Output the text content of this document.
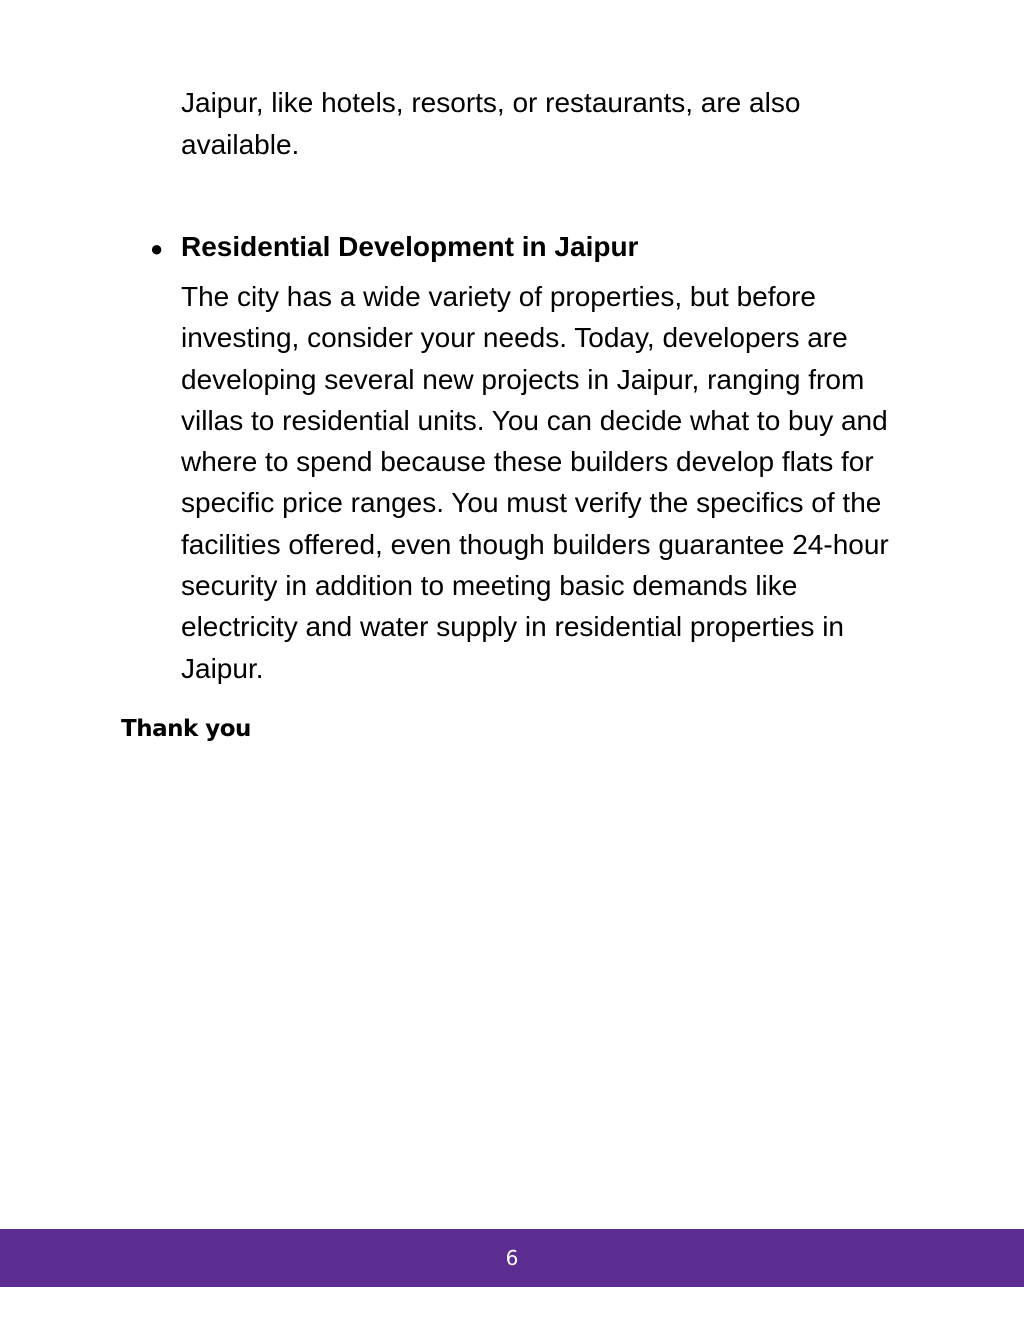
Jaipur, like hotels, resorts, or restaurants, are also available.

● Residential Development in Jaipur

The city has a wide variety of properties, but before investing, consider your needs. Today, developers are developing several new projects in Jaipur, ranging from villas to residential units. You can decide what to buy and where to spend because these builders develop flats for specific price ranges. You must verify the specifics of the facilities offered, even though builders guarantee 24-hour security in addition to meeting basic demands like electricity and water supply in residential properties in Jaipur.

Thank you

6
